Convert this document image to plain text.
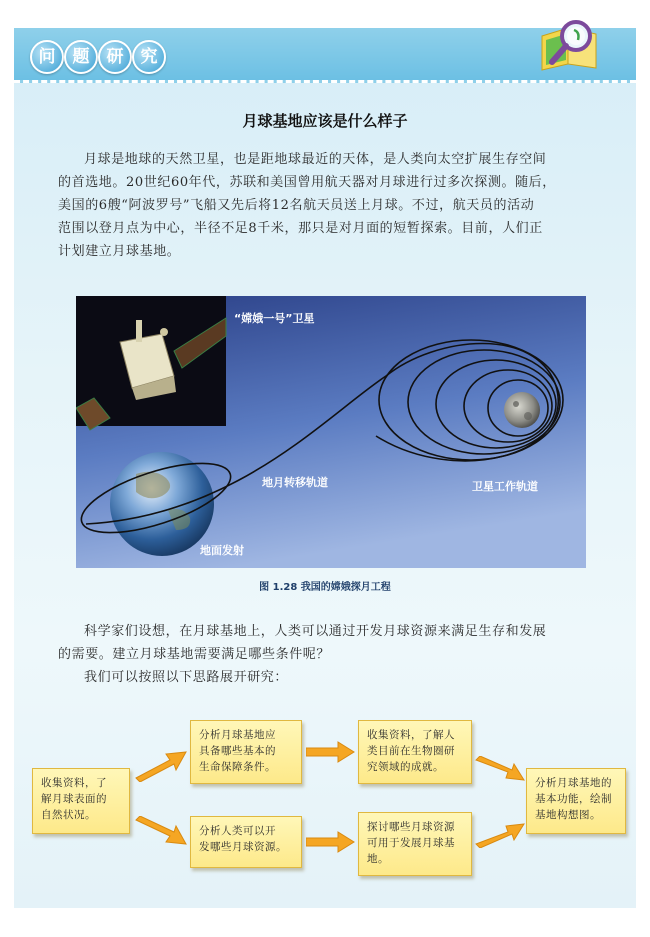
问	题	研	究
月球基地应该是什么样子
月球是地球的天然卫星，也是距地球最近的天体，是人类向太空扩展生存空间
的首选地。20世纪60年代，苏联和美国曾用航天器对月球进行过多次探测。随后，
美国的6艘“阿波罗号”飞船又先后将12名航天员送上月球。不过，航天员的活动
范围以登月点为中心，半径不足8千米，那只是对月面的短暂探索。目前，人们正
计划建立月球基地。
“嫦娥一号”卫星
地月转移轨道	卫星工作轨道
地面发射
图 1.28 我国的嫦娥探月工程
科学家们设想，在月球基地上，人类可以通过开发月球资源来满足生存和发展
的需要。建立月球基地需要满足哪些条件呢？
我们可以按照以下思路展开研究：
收集资料，了
解月球表面的
自然状况。
分析月球基地应
具备哪些基本的
生命保障条件。
收集资料，了解人
类目前在生物圈研
究领域的成就。
分析人类可以开
发哪些月球资源。
探讨哪些月球资源
可用于发展月球基
地。
分析月球基地的
基本功能，绘制
基地构想图。
